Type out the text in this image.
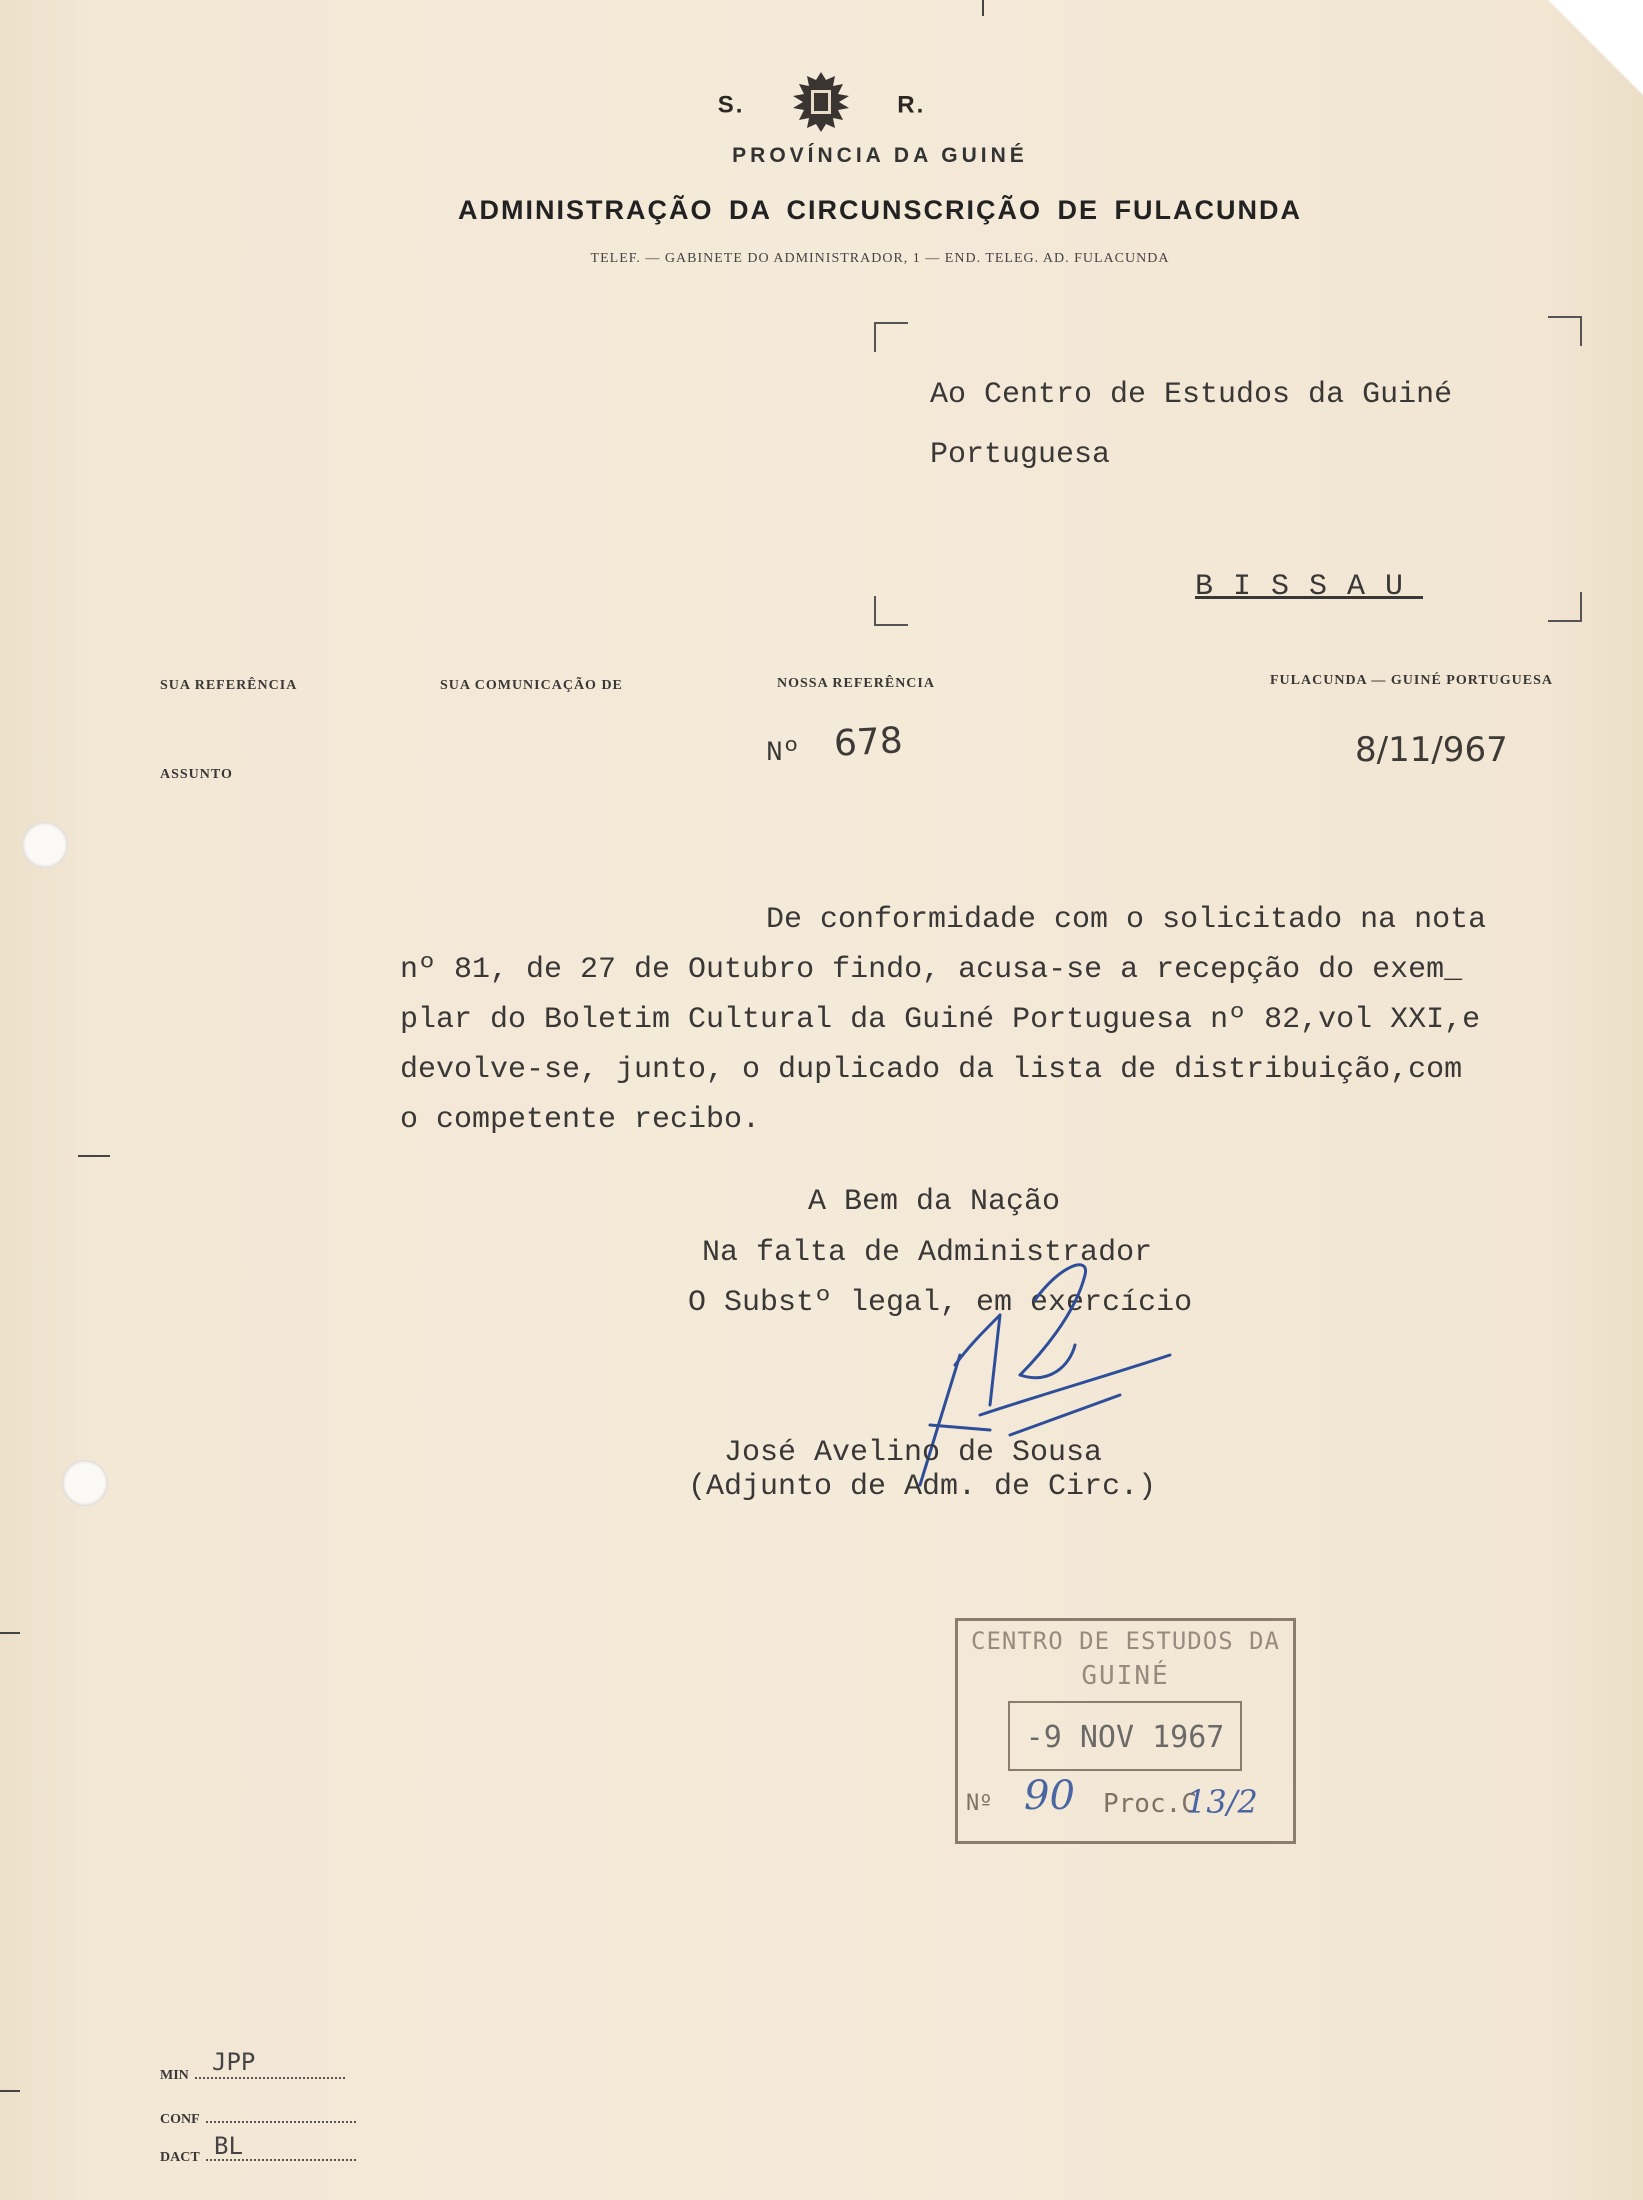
S.	R.
PROVÍNCIA DA GUINÉ
ADMINISTRAÇÃO DA CIRCUNSCRIÇÃO DE FULACUNDA
TELEF. — GABINETE DO ADMINISTRADOR, 1 — END. TELEG. AD. FULACUNDA
Ao Centro de Estudos da Guiné
Portuguesa
BISSAU
SUA REFERÊNCIA	SUA COMUNICAÇÃO DE	NOSSA REFERÊNCIA	FULACUNDA — GUINÉ PORTUGUESA
ASSUNTO
Nº 678	8/11/967
De conformidade com o solicitado na nota
nº 81, de 27 de Outubro findo, acusa-se a recepção do exem_
plar do Boletim Cultural da Guiné Portuguesa nº 82,vol XXI,e
devolve-se, junto, o duplicado da lista de distribuição,com
o competente recibo.
A Bem da Nação
Na falta de Administrador
O Substº legal, em exercício
José Avelino de Sousa
(Adjunto de Adm. de Circ.)
CENTRO DE ESTUDOS DA
GUINÉ
-9 NOV 1967
Nº 90 Proc.C
13/2
MIN JPP
CONF
DACT BL
